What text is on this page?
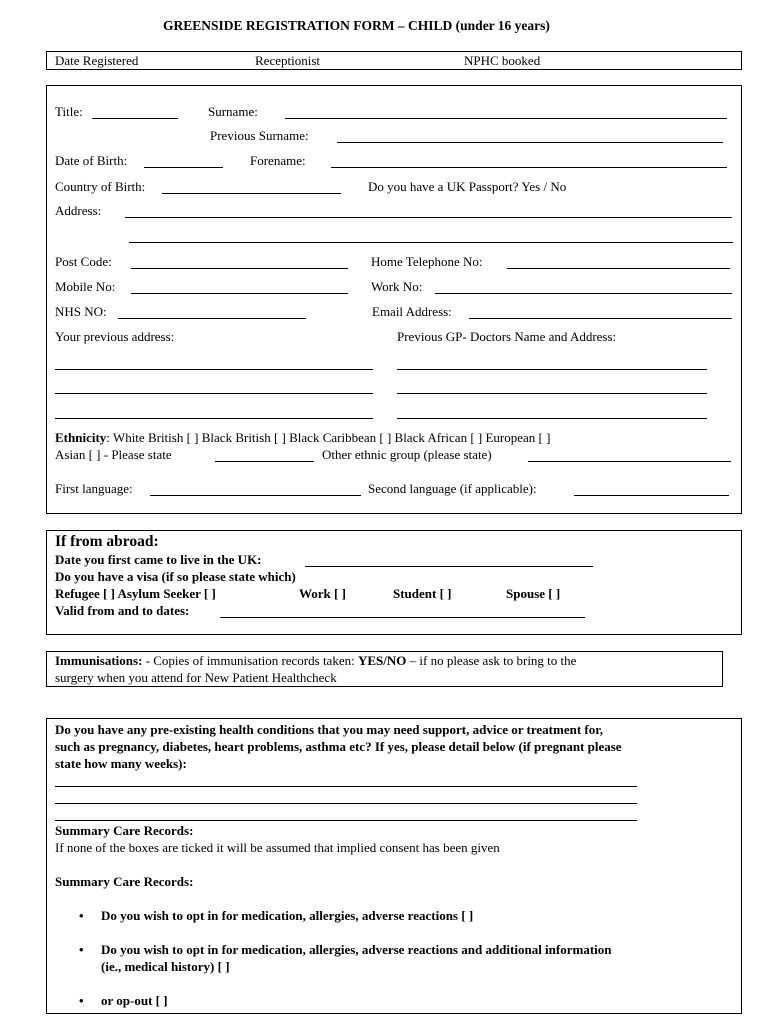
GREENSIDE REGISTRATION FORM – CHILD (under 16 years)
Date Registered	Receptionist	NPHC booked
Title:	Surname:
Previous Surname:
Date of Birth:	Forename:
Country of Birth:	Do you have a UK Passport? Yes / No
Address:
Post Code:	Home Telephone No:
Mobile No:	Work No:
NHS NO:	Email Address:
Your previous address:	Previous GP- Doctors Name and Address:
Ethnicity: White British [ ] Black British [ ] Black Caribbean [ ] Black African [ ] European [ ]
Asian [ ] - Please state	Other ethnic group (please state)
First language:	Second language (if applicable):
If from abroad:
Date you first came to live in the UK:
Do you have a visa (if so please state which)
Refugee [ ] Asylum Seeker [ ]	Work [ ]	Student [ ]	Spouse [ ]
Valid from and to dates:
Immunisations: - Copies of immunisation records taken: YES/NO – if no please ask to bring to the
surgery when you attend for New Patient Healthcheck
Do you have any pre-existing health conditions that you may need support, advice or treatment for,
such as pregnancy, diabetes, heart problems, asthma etc? If yes, please detail below (if pregnant please
state how many weeks):
Summary Care Records:
If none of the boxes are ticked it will be assumed that implied consent has been given
Summary Care Records:
• Do you wish to opt in for medication, allergies, adverse reactions [ ]
• Do you wish to opt in for medication, allergies, adverse reactions and additional information
(ie., medical history) [ ]
• or op-out [ ]
